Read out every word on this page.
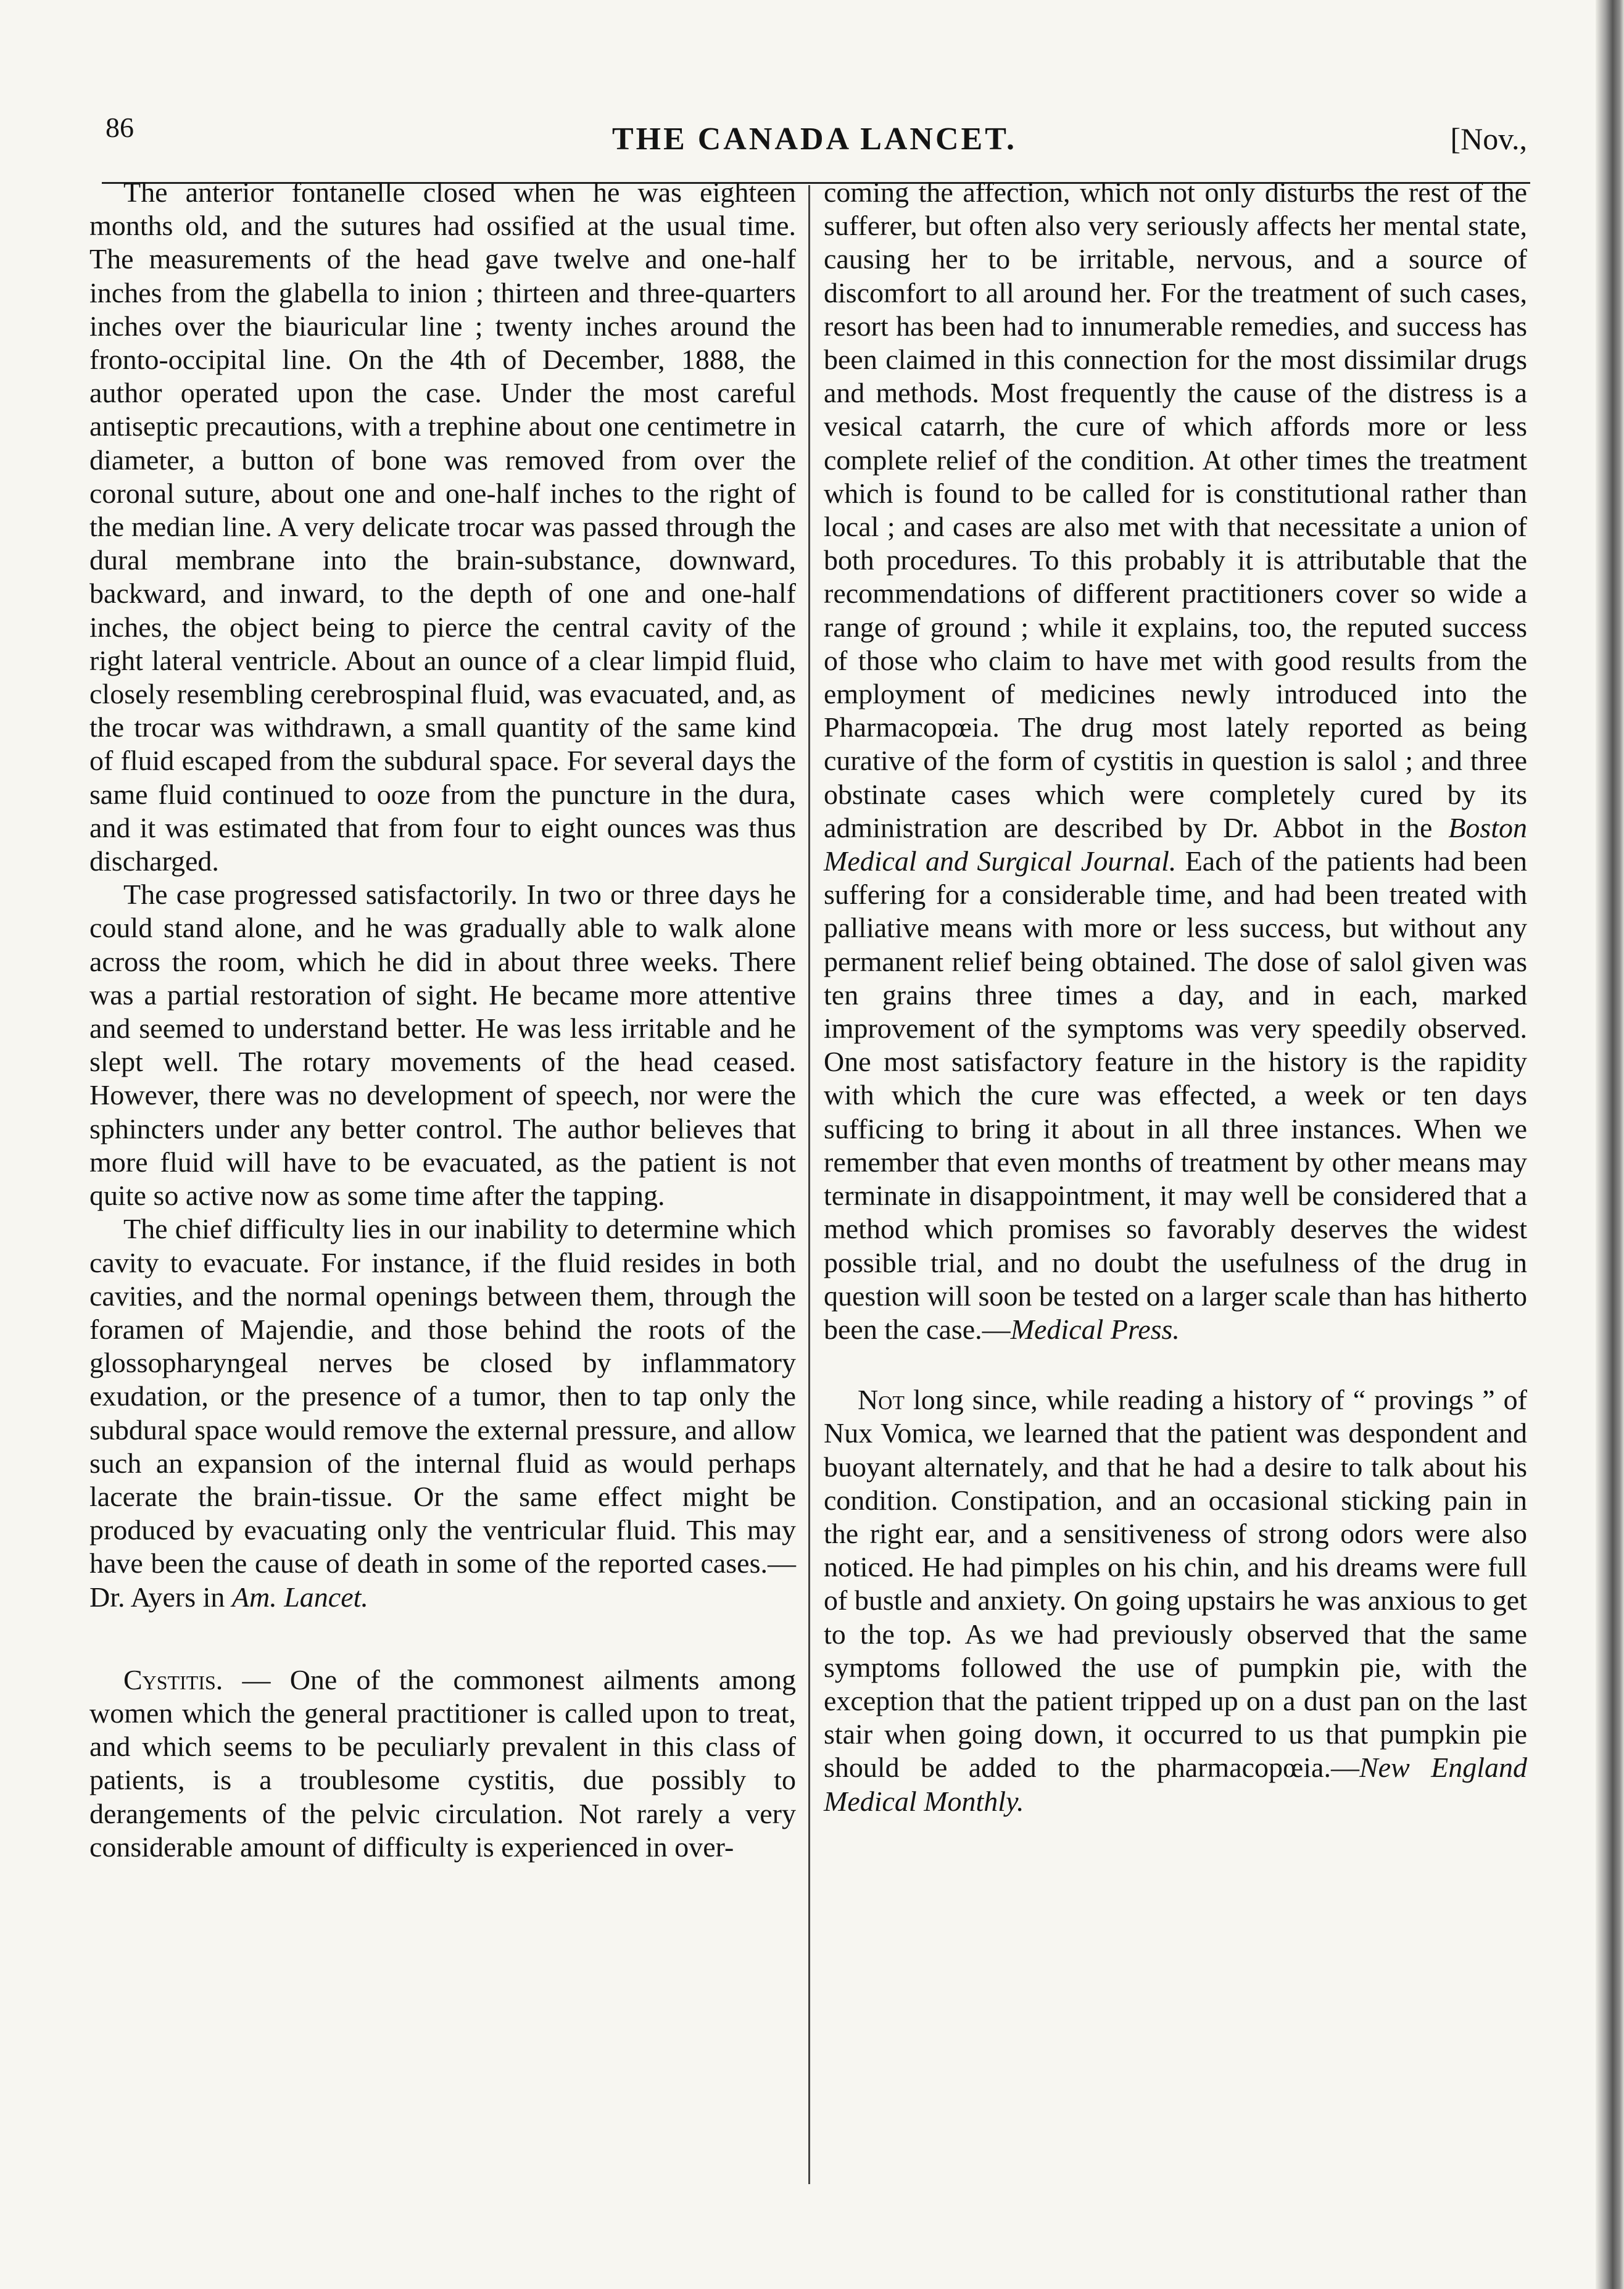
86	THE CANADA LANCET.	[Nov.,

The anterior fontanelle closed when he was eighteen months old, and the sutures had ossified at the usual time. The measurements of the head gave twelve and one-half inches from the glabella to inion ; thirteen and three-quarters inches over the biauricular line ; twenty inches around the fronto-occipital line. On the 4th of December, 1888, the author operated upon the case. Under the most careful antiseptic precautions, with a trephine about one centimetre in diameter, a button of bone was removed from over the coronal suture, about one and one-half inches to the right of the median line. A very delicate trocar was passed through the dural membrane into the brain-substance, downward, backward, and inward, to the depth of one and one-half inches, the object being to pierce the central cavity of the right lateral ventricle. About an ounce of a clear limpid fluid, closely resembling cerebrospinal fluid, was evacuated, and, as the trocar was withdrawn, a small quantity of the same kind of fluid escaped from the subdural space. For several days the same fluid continued to ooze from the puncture in the dura, and it was estimated that from four to eight ounces was thus discharged.

The case progressed satisfactorily. In two or three days he could stand alone, and he was gradually able to walk alone across the room, which he did in about three weeks. There was a partial restoration of sight. He became more attentive and seemed to understand better. He was less irritable and he slept well. The rotary movements of the head ceased. However, there was no development of speech, nor were the sphincters under any better control. The author believes that more fluid will have to be evacuated, as the patient is not quite so active now as some time after the tapping.

The chief difficulty lies in our inability to determine which cavity to evacuate. For instance, if the fluid resides in both cavities, and the normal openings between them, through the foramen of Majendie, and those behind the roots of the glossopharyngeal nerves be closed by inflammatory exudation, or the presence of a tumor, then to tap only the subdural space would remove the external pressure, and allow such an expansion of the internal fluid as would perhaps lacerate the brain-tissue. Or the same effect might be produced by evacuating only the ventricular fluid. This may have been the cause of death in some of the reported cases.—Dr. Ayers in Am. Lancet.

Cystitis. — One of the commonest ailments among women which the general practitioner is called upon to treat, and which seems to be peculiarly prevalent in this class of patients, is a troublesome cystitis, due possibly to derangements of the pelvic circulation. Not rarely a very considerable amount of difficulty is experienced in over-

coming the affection, which not only disturbs the rest of the sufferer, but often also very seriously affects her mental state, causing her to be irritable, nervous, and a source of discomfort to all around her. For the treatment of such cases, resort has been had to innumerable remedies, and success has been claimed in this connection for the most dissimilar drugs and methods. Most frequently the cause of the distress is a vesical catarrh, the cure of which affords more or less complete relief of the condition. At other times the treatment which is found to be called for is constitutional rather than local ; and cases are also met with that necessitate a union of both procedures. To this probably it is attributable that the recommendations of different practitioners cover so wide a range of ground ; while it explains, too, the reputed success of those who claim to have met with good results from the employment of medicines newly introduced into the Pharmacopœia. The drug most lately reported as being curative of the form of cystitis in question is salol ; and three obstinate cases which were completely cured by its administration are described by Dr. Abbot in the Boston Medical and Surgical Journal. Each of the patients had been suffering for a considerable time, and had been treated with palliative means with more or less success, but without any permanent relief being obtained. The dose of salol given was ten grains three times a day, and in each, marked improvement of the symptoms was very speedily observed. One most satisfactory feature in the history is the rapidity with which the cure was effected, a week or ten days sufficing to bring it about in all three instances. When we remember that even months of treatment by other means may terminate in disappointment, it may well be considered that a method which promises so favorably deserves the widest possible trial, and no doubt the usefulness of the drug in question will soon be tested on a larger scale than has hitherto been the case.—Medical Press.

Not long since, while reading a history of “ provings ” of Nux Vomica, we learned that the patient was despondent and buoyant alternately, and that he had a desire to talk about his condition. Constipation, and an occasional sticking pain in the right ear, and a sensitiveness of strong odors were also noticed. He had pimples on his chin, and his dreams were full of bustle and anxiety. On going upstairs he was anxious to get to the top. As we had previously observed that the same symptoms followed the use of pumpkin pie, with the exception that the patient tripped up on a dust pan on the last stair when going down, it occurred to us that pumpkin pie should be added to the pharmacopœia.—New England Medical Monthly.
